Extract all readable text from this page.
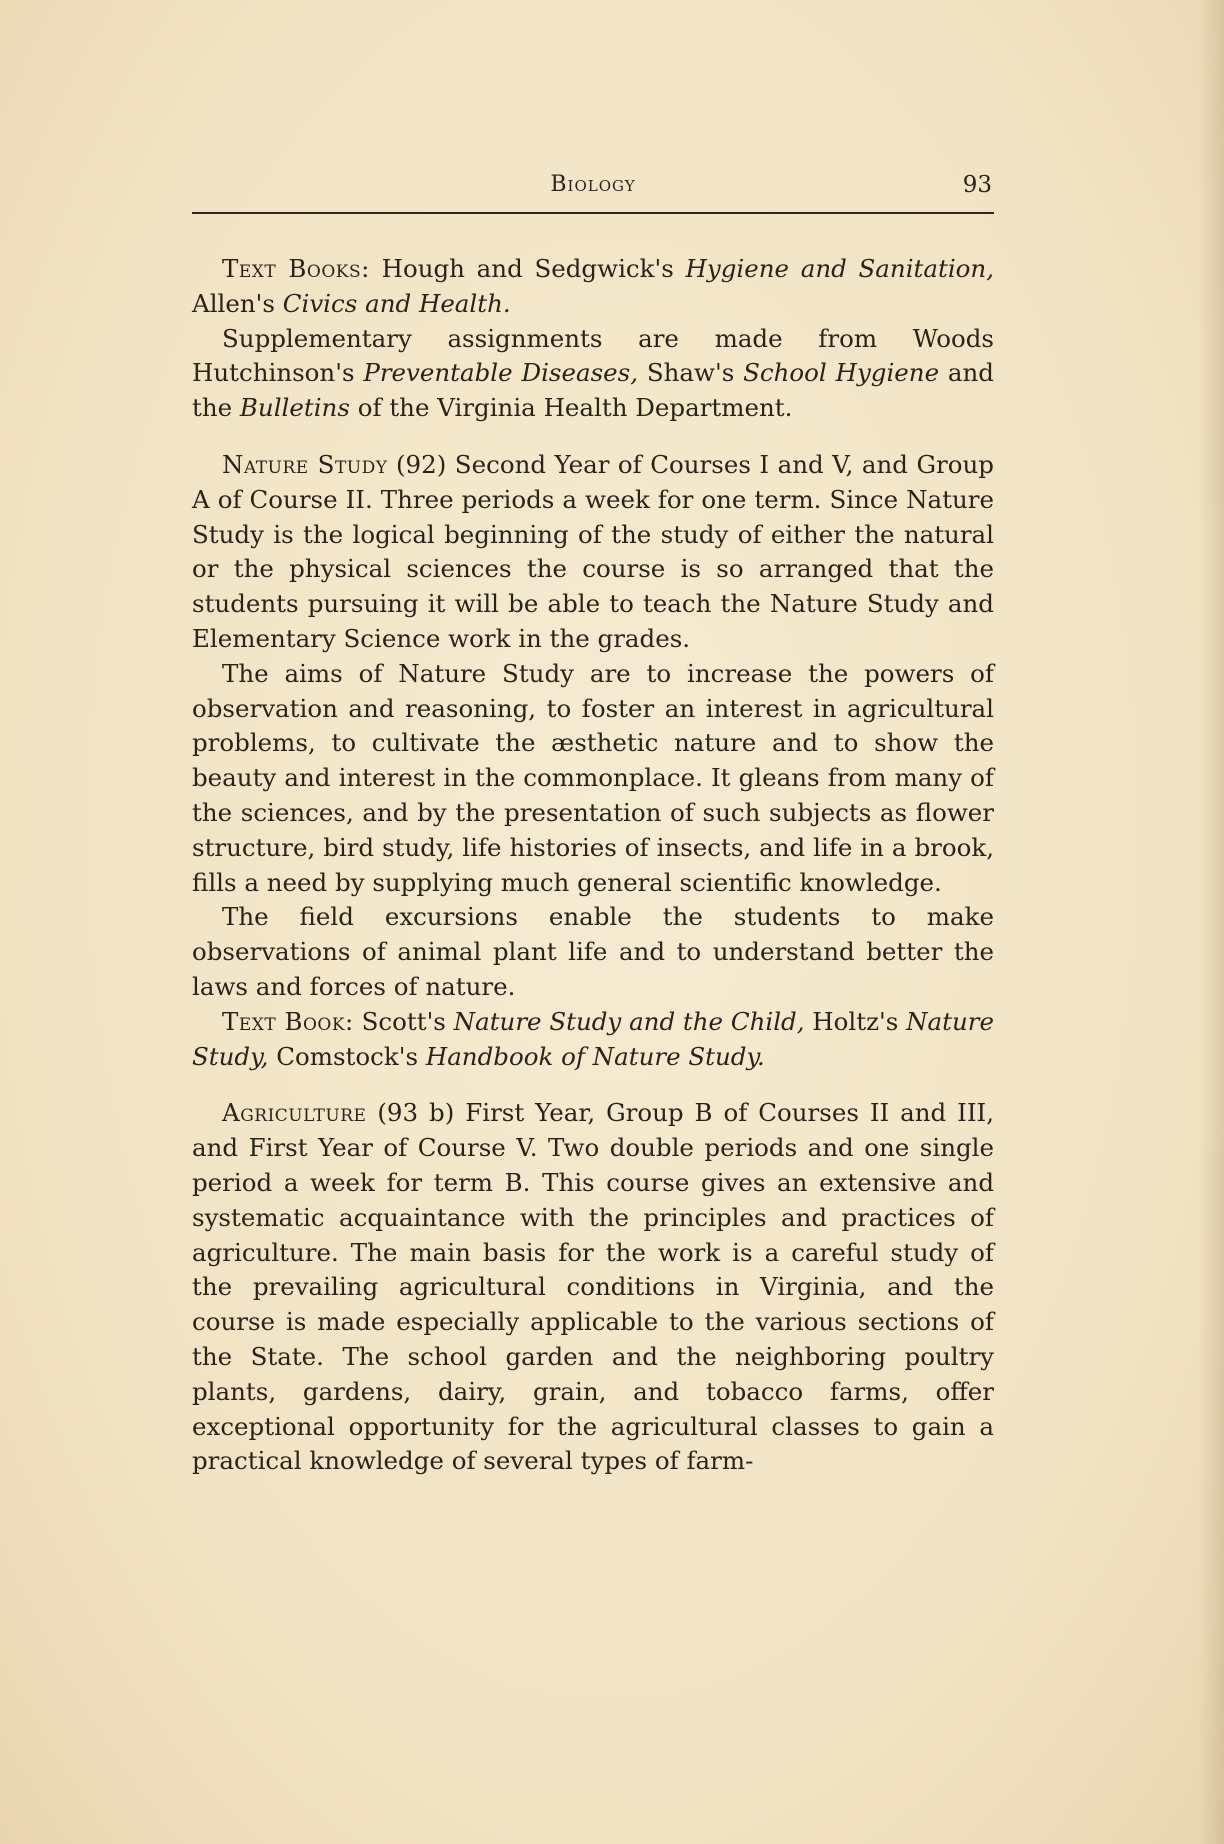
Biology	93

Text Books: Hough and Sedgwick's Hygiene and Sanitation, Allen's Civics and Health.

Supplementary assignments are made from Woods Hutchinson's Preventable Diseases, Shaw's School Hygiene and the Bulletins of the Virginia Health Department.

Nature Study (92) Second Year of Courses I and V, and Group A of Course II. Three periods a week for one term. Since Nature Study is the logical beginning of the study of either the natural or the physical sciences the course is so arranged that the students pursuing it will be able to teach the Nature Study and Elementary Science work in the grades.

The aims of Nature Study are to increase the powers of observation and reasoning, to foster an interest in agricultural problems, to cultivate the æsthetic nature and to show the beauty and interest in the commonplace. It gleans from many of the sciences, and by the presentation of such subjects as flower structure, bird study, life histories of insects, and life in a brook, fills a need by supplying much general scientific knowledge.

The field excursions enable the students to make observations of animal plant life and to understand better the laws and forces of nature.

Text Book: Scott's Nature Study and the Child, Holtz's Nature Study, Comstock's Handbook of Nature Study.

Agriculture (93 b) First Year, Group B of Courses II and III, and First Year of Course V. Two double periods and one single period a week for term B. This course gives an extensive and systematic acquaintance with the principles and practices of agriculture. The main basis for the work is a careful study of the prevailing agricultural conditions in Virginia, and the course is made especially applicable to the various sections of the State. The school garden and the neighboring poultry plants, gardens, dairy, grain, and tobacco farms, offer exceptional opportunity for the agricultural classes to gain a practical knowledge of several types of farm-
